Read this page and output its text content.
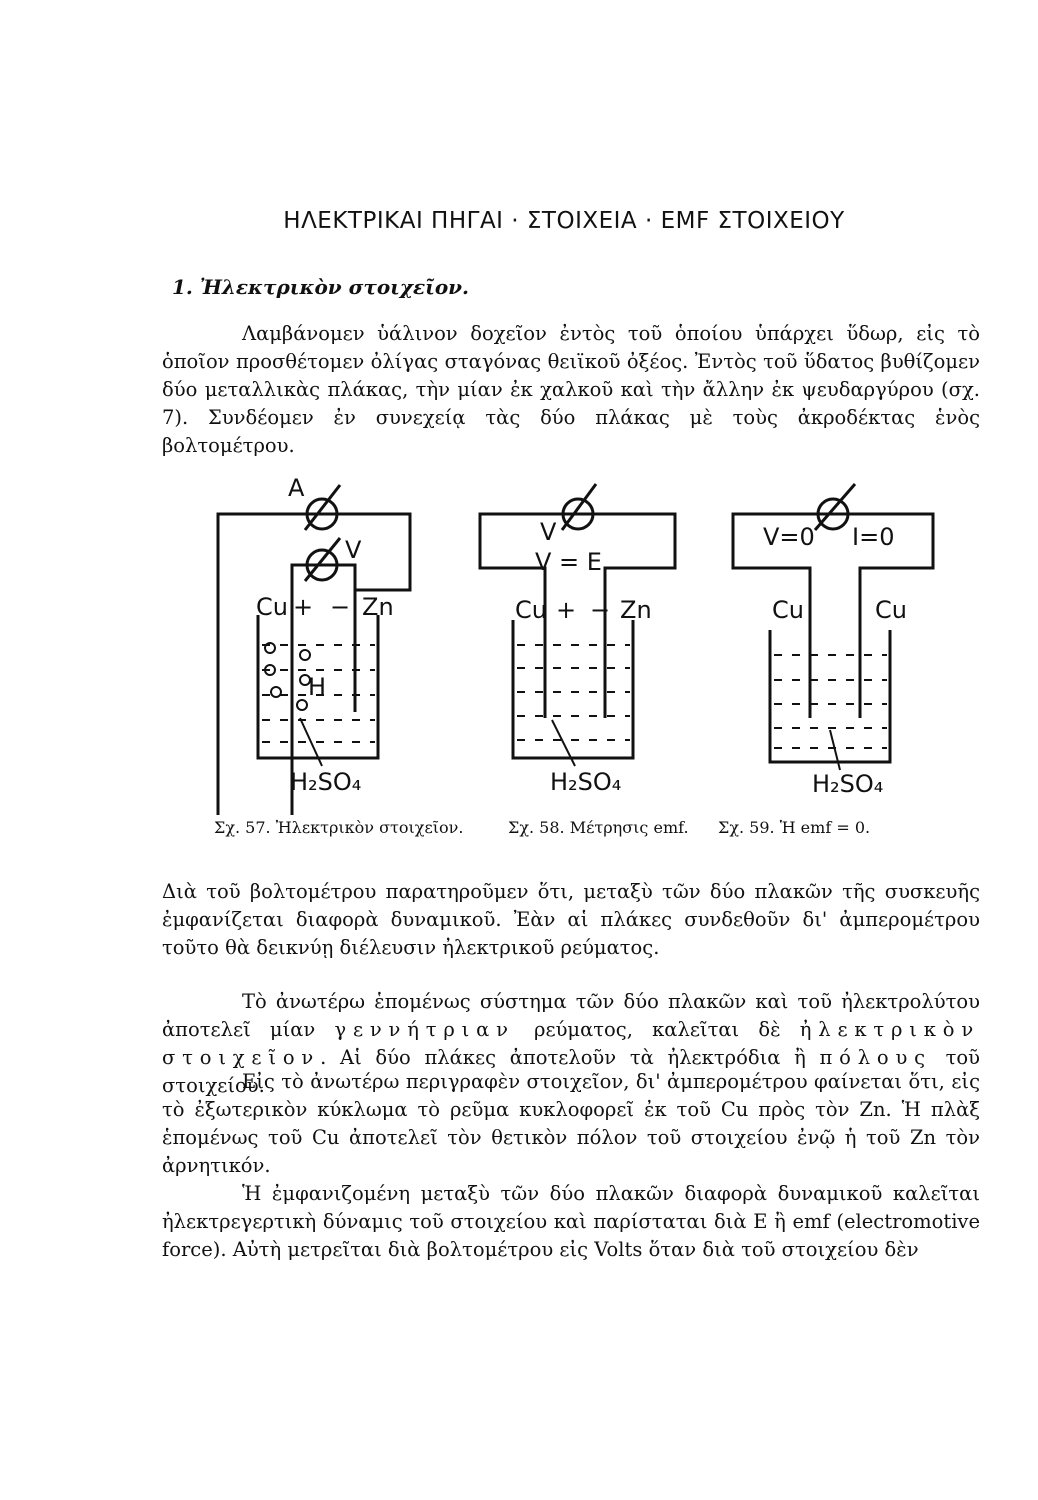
ΗΛΕΚΤΡΙΚΑΙ ΠΗΓΑΙ · ΣΤΟΙΧΕΙΑ · EMF ΣΤΟΙΧΕΙΟΥ
1. Ἠλεκτρικὸν στοιχεῖον.

Λαμβάνομεν ὑάλινον δοχεῖον ἐντὸς τοῦ ὁποίου ὑπάρχει ὕδωρ, εἰς τὸ ὁποῖον προσθέτομεν ὀλίγας σταγόνας θειϊκοῦ ὀξέος. Ἐντὸς τοῦ ὕδατος βυθίζομεν δύο μεταλλικὰς πλάκας, τὴν μίαν ἐκ χαλκοῦ καὶ τὴν ἄλλην ἐκ ψευδαργύρου (σχ. 7). Συνδέομεν ἐν συνεχείᾳ τὰς δύο πλάκας μὲ τοὺς ἀκροδέκτας ἑνὸς βολτομέτρου.

A
V
Cu + − Zn
H
H₂SO₄
V
V = E
Cu + − Zn
H₂SO₄
V=0 I=0
Cu	Cu
H₂SO₄
Σχ. 57. Ἠλεκτρικὸν στοιχεῖον.	Σχ. 58. Μέτρησις emf. Σχ. 59. Ἡ emf = 0.

Διὰ τοῦ βολτομέτρου παρατηροῦμεν ὅτι, μεταξὺ τῶν δύο πλακῶν τῆς συσκευῆς ἐμφανίζεται διαφορὰ δυναμικοῦ. Ἐὰν αἱ πλάκες συνδεθοῦν δι' ἀμπερομέτρου τοῦτο θὰ δεικνύῃ διέλευσιν ἠλεκτρικοῦ ρεύματος.

Τὸ ἀνωτέρω ἑπομένως σύστημα τῶν δύο πλακῶν καὶ τοῦ ἠλεκτρολύτου ἀποτελεῖ μίαν γεννήτριαν ρεύματος, καλεῖται δὲ ἠλεκτρικὸν στοιχεῖον. Αἱ δύο πλάκες ἀποτελοῦν τὰ ἠλεκτρόδια ἢ πόλους τοῦ στοιχείου.

Εἰς τὸ ἀνωτέρω περιγραφὲν στοιχεῖον, δι' ἀμπερομέτρου φαίνεται ὅτι, εἰς τὸ ἐξωτερικὸν κύκλωμα τὸ ρεῦμα κυκλοφορεῖ ἐκ τοῦ Cu πρὸς τὸν Zn. Ἡ πλὰξ ἑπομένως τοῦ Cu ἀποτελεῖ τὸν θετικὸν πόλον τοῦ στοιχείου ἐνῷ ἡ τοῦ Zn τὸν ἀρνητικόν.

Ἡ ἐμφανιζομένη μεταξὺ τῶν δύο πλακῶν διαφορὰ δυναμικοῦ καλεῖται ἠλεκτρεγερτικὴ δύναμις τοῦ στοιχείου καὶ παρίσταται διὰ E ἢ emf (electromotive force). Αὐτὴ μετρεῖται διὰ βολτομέτρου εἰς Volts ὅταν διὰ τοῦ στοιχείου δὲν
